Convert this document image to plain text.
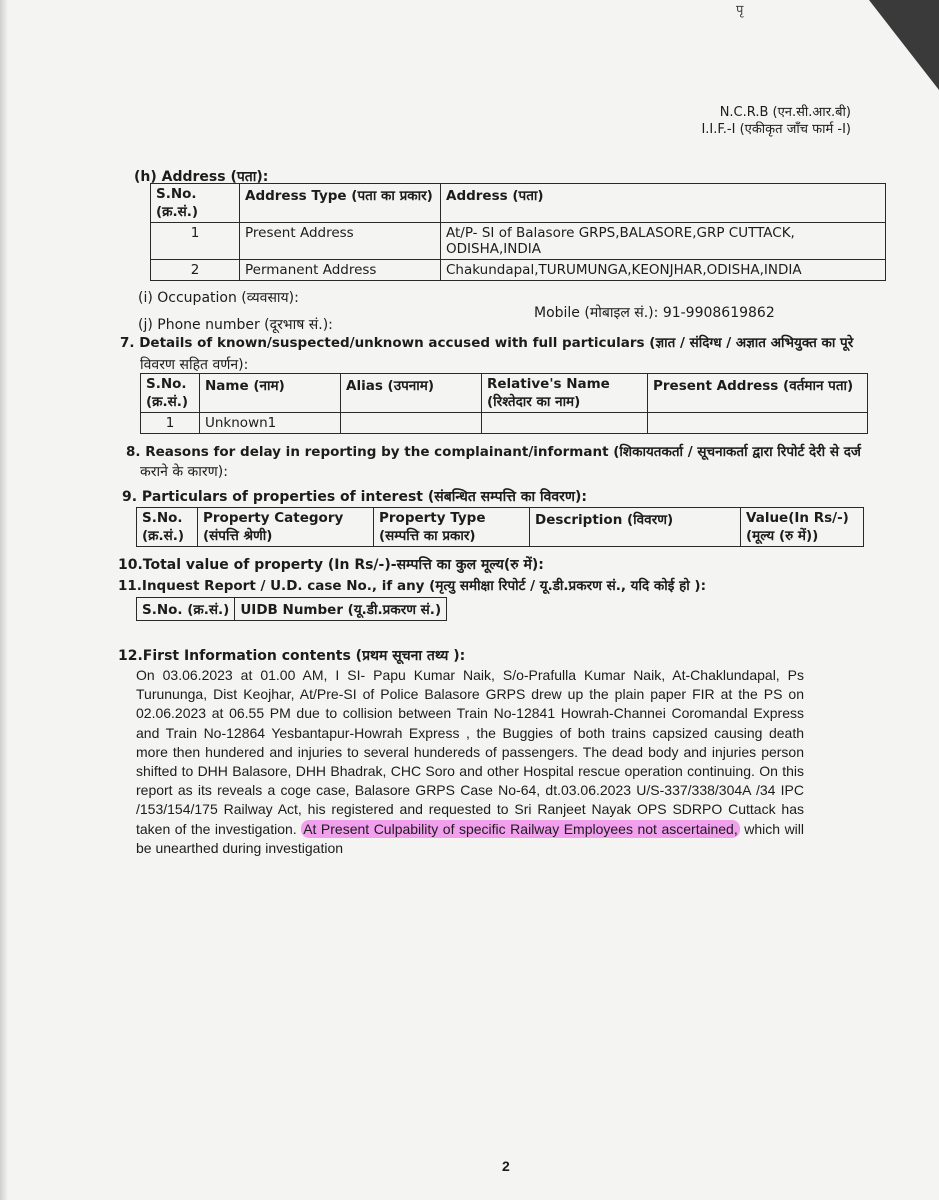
पृ
N.C.R.B (एन.सी.आर.बी)
I.I.F.-I (एकीकृत जाँच फार्म -I)
(h) Address (पता):
S.No.(क्र.सं.)	Address Type (पता का प्रकार)	Address (पता)
1	Present Address	At/P- SI of Balasore GRPS,BALASORE,GRP CUTTACK, ODISHA,INDIA
2	Permanent Address	Chakundapal,TURUMUNGA,KEONJHAR,ODISHA,INDIA
(i) Occupation (व्यवसाय):
Mobile (मोबाइल सं.): 91-9908619862
(j) Phone number (दूरभाष सं.):
7. Details of known/suspected/unknown accused with full particulars (ज्ञात / संदिग्ध / अज्ञात अभियुक्त का पूरे
विवरण सहित वर्णन):
S.No. (क्र.सं.)	Name (नाम)	Alias (उपनाम)	Relative's Name (रिश्तेदार का नाम)	Present Address (वर्तमान पता)
1	Unknown1			
8. Reasons for delay in reporting by the complainant/informant (शिकायतकर्ता / सूचनाकर्ता द्वारा रिपोर्ट देरी से दर्ज
कराने के कारण):
9. Particulars of properties of interest (संबन्धित सम्पत्ति का विवरण):
S.No. (क्र.सं.)	Property Category (संपत्ति श्रेणी)	Property Type (सम्पत्ति का प्रकार)	Description (विवरण)	Value(In Rs/-) (मूल्य (रु में))
10.Total value of property (In Rs/-)-सम्पत्ति का कुल मूल्य(रु में):
11.Inquest Report / U.D. case No., if any (मृत्यु समीक्षा रिपोर्ट / यू.डी.प्रकरण सं., यदि कोई हो ):
S.No. (क्र.सं.)	UIDB Number (यू.डी.प्रकरण सं.)
12.First Information contents (प्रथम सूचना तथ्य ):
On 03.06.2023 at 01.00 AM, I SI- Papu Kumar Naik, S/o-Prafulla Kumar Naik, At-Chaklundapal, Ps Turununga, Dist Keojhar, At/Pre-SI of Police Balasore GRPS drew up the plain paper FIR at the PS on 02.06.2023 at 06.55 PM due to collision between Train No-12841 Howrah-Channei Coromandal Express and Train No-12864 Yesbantapur-Howrah Express , the Buggies of both trains capsized causing death more then hundered and injuries to several hundereds of passengers. The dead body and injuries person shifted to DHH Balasore, DHH Bhadrak, CHC Soro and other Hospital rescue operation continuing. On this report as its reveals a coge case, Balasore GRPS Case No-64, dt.03.06.2023 U/S-337/338/304A /34 IPC /153/154/175 Railway Act, his registered and requested to Sri Ranjeet Nayak OPS SDRPO Cuttack has taken of the investigation. At Present Culpability of specific Railway Employees not ascertained, which will be unearthed during investigation
2
